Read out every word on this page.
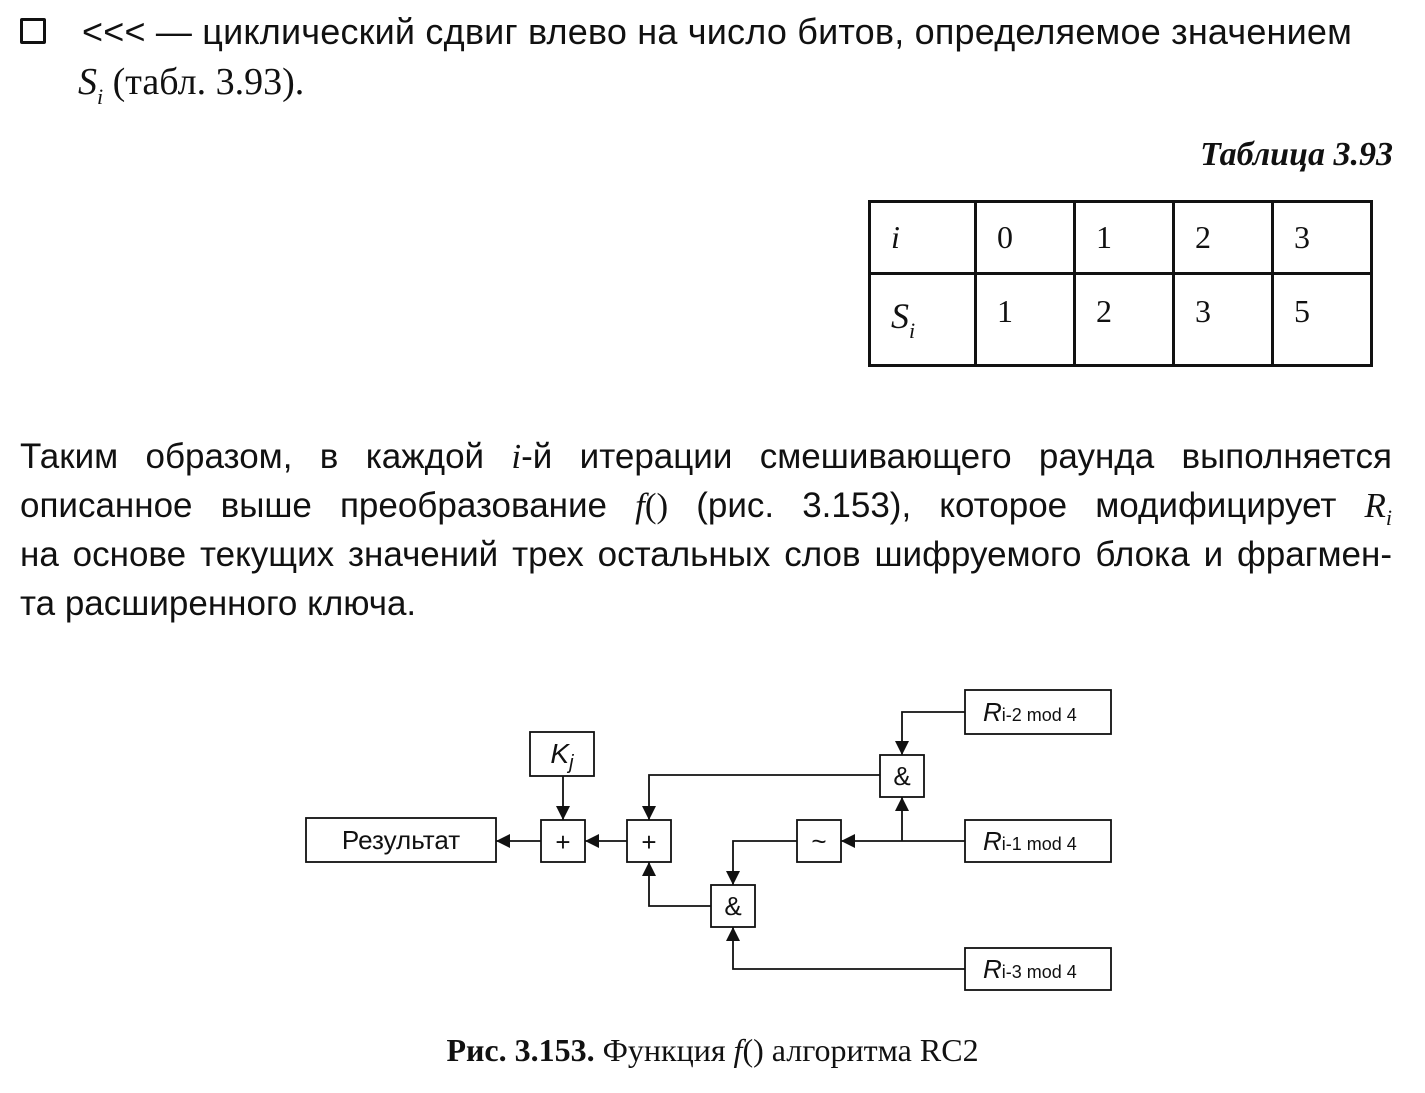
<<< — циклический сдвиг влево на число битов, определяемое значением
$S_i$ (табл. 3.93).
Таблица 3.93
i	0	1	2	3
$S_i$	1	2	3	5
Таким образом, в каждой i-й итерации смешивающего раунда выполняется
описанное выше преобразование f() (рис. 3.153), которое модифицирует $R_i$
на основе текущих значений трех остальных слов шифруемого блока и фрагмен-
та расширенного ключа.
Результат
$K_j$
+	+
&
~
&
Ri-2 mod 4
Ri-1 mod 4
Ri-3 mod 4
Рис. 3.153. Функция f() алгоритма RC2
